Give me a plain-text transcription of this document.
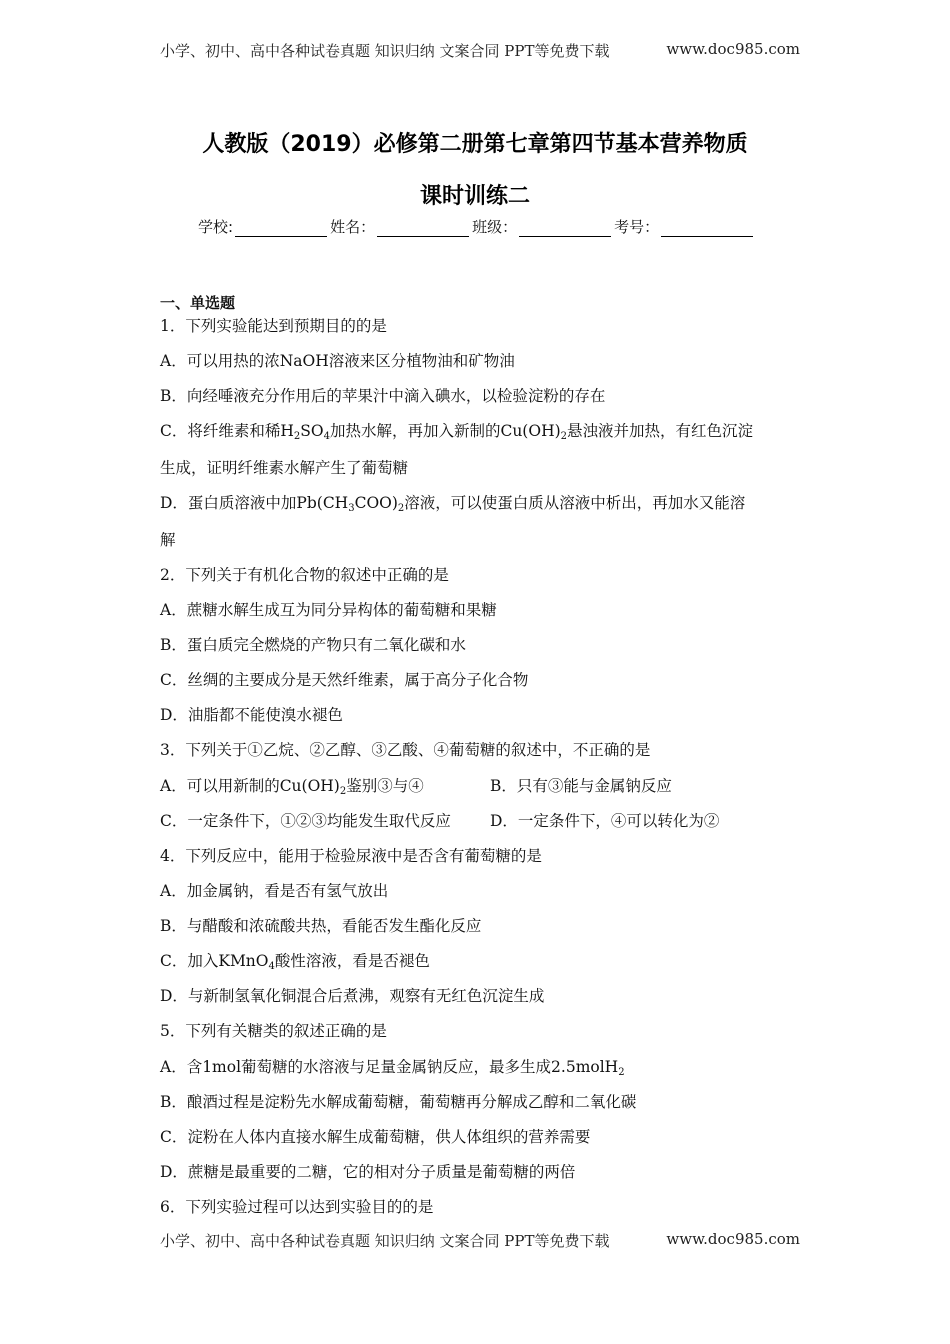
小学、初中、高中各种试卷真题 知识归纳 文案合同 PPT等免费下载	www.doc985.com
人教版（2019）必修第二册第七章第四节基本营养物质
课时训练二
学校:	姓名：	班级：	考号：
一、单选题
1．下列实验能达到预期目的的是
A．可以用热的浓NaOH溶液来区分植物油和矿物油
B．向经唾液充分作用后的苹果汁中滴入碘水，以检验淀粉的存在
C．将纤维素和稀$H_2SO_4$加热水解，再加入新制的$Cu(OH)_2$悬浊液并加热，有红色沉淀
生成，证明纤维素水解产生了葡萄糖
D．蛋白质溶液中加$Pb(CH_3COO)_2$溶液，可以使蛋白质从溶液中析出，再加水又能溶
解
2．下列关于有机化合物的叙述中正确的是
A．蔗糖水解生成互为同分异构体的葡萄糖和果糖
B．蛋白质完全燃烧的产物只有二氧化碳和水
C．丝绸的主要成分是天然纤维素，属于高分子化合物
D．油脂都不能使溴水褪色
3．下列关于①乙烷、②乙醇、③乙酸、④葡萄糖的叙述中，不正确的是
A．可以用新制的$Cu(OH)_2$鉴别③与④	B．只有③能与金属钠反应
C．一定条件下，①②③均能发生取代反应	D．一定条件下，④可以转化为②
4．下列反应中，能用于检验尿液中是否含有葡萄糖的是
A．加金属钠，看是否有氢气放出
B．与醋酸和浓硫酸共热，看能否发生酯化反应
C．加入KMnO$_4$酸性溶液，看是否褪色
D．与新制氢氧化铜混合后煮沸，观察有无红色沉淀生成
5．下列有关糖类的叙述正确的是
A．含1mol葡萄糖的水溶液与足量金属钠反应，最多生成2.5molH$_2$
B．酿酒过程是淀粉先水解成葡萄糖，葡萄糖再分解成乙醇和二氧化碳
C．淀粉在人体内直接水解生成葡萄糖，供人体组织的营养需要
D．蔗糖是最重要的二糖，它的相对分子质量是葡萄糖的两倍
6．下列实验过程可以达到实验目的的是
小学、初中、高中各种试卷真题 知识归纳 文案合同 PPT等免费下载	www.doc985.com
